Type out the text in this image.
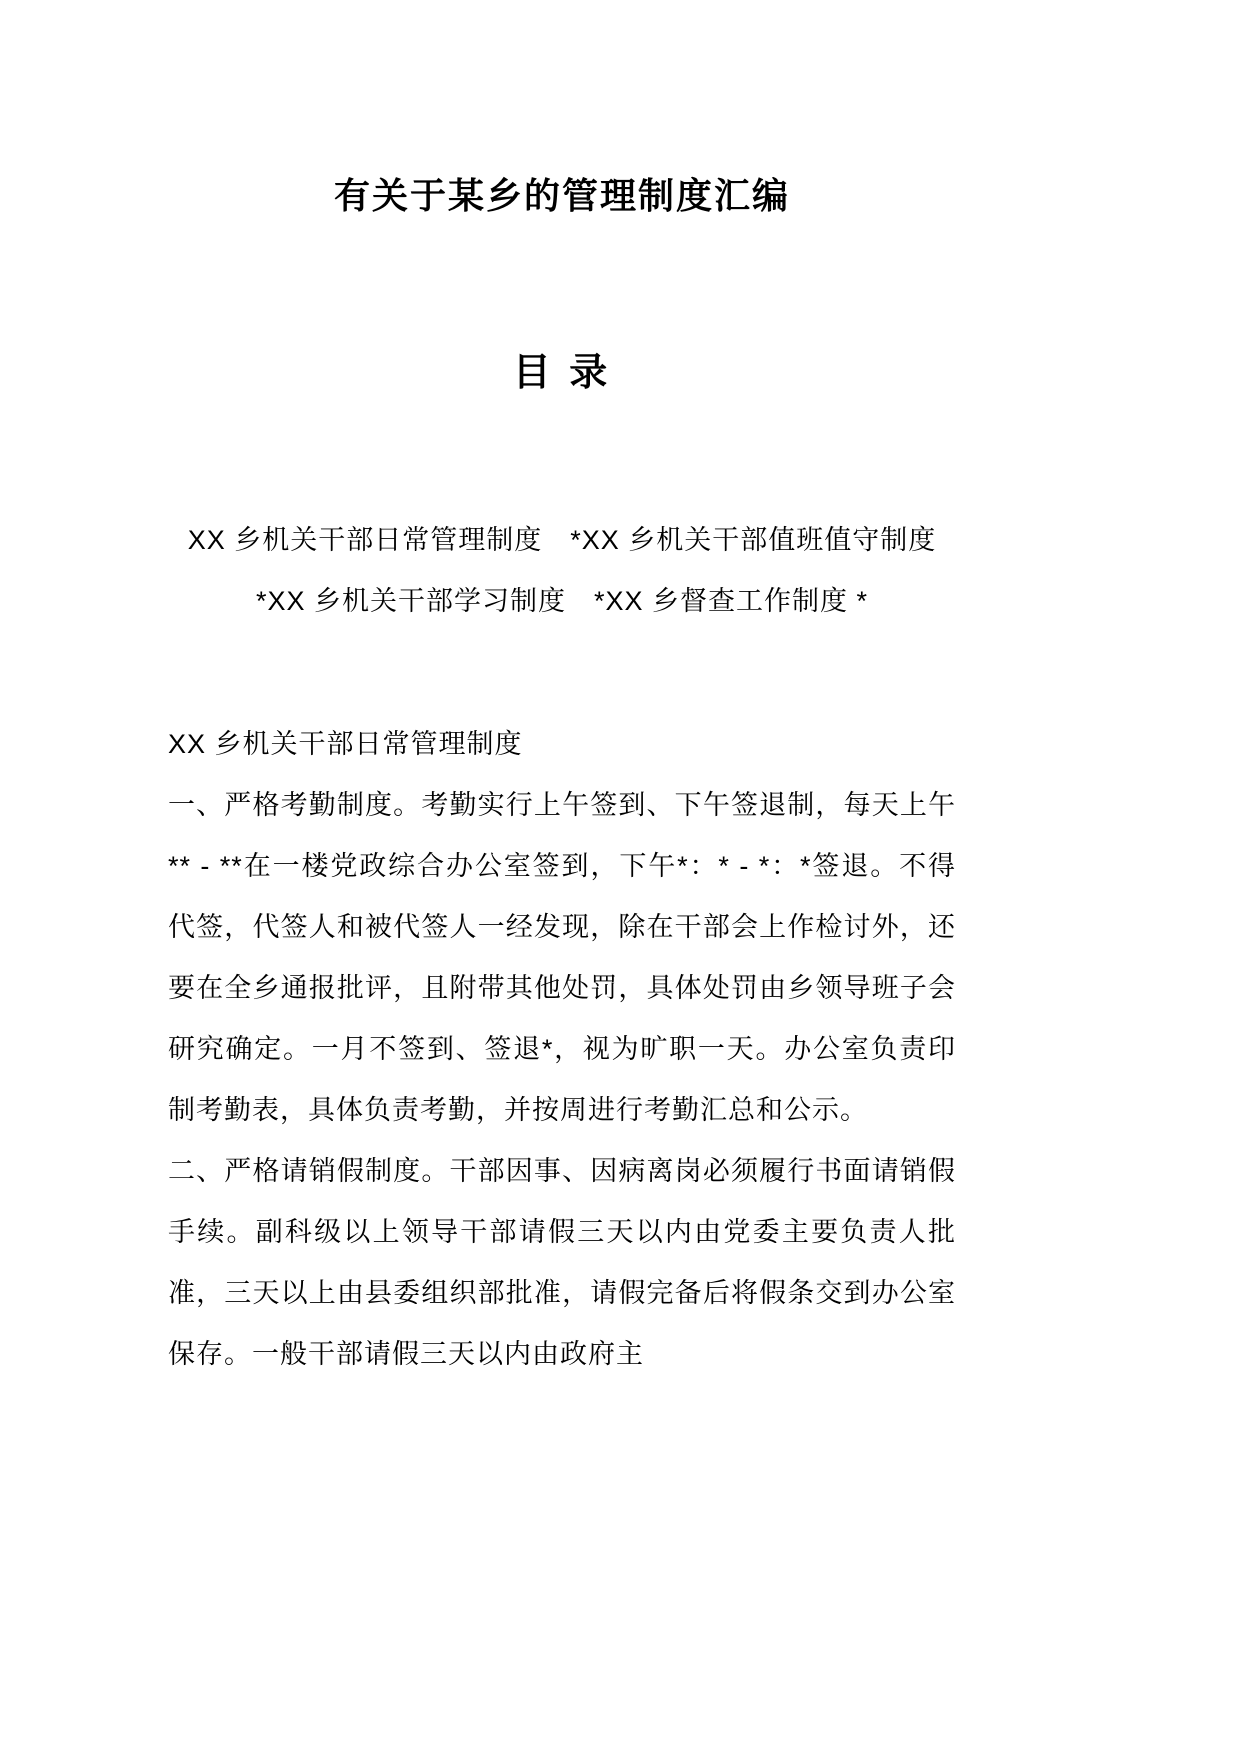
有关于某乡的管理制度汇编
目 录
XX 乡机关干部日常管理制度　*XX 乡机关干部值班值守制度
*XX 乡机关干部学习制度　*XX 乡督查工作制度 *
XX 乡机关干部日常管理制度

一、严格考勤制度。考勤实行上午签到、下午签退制，每天上午** - **在一楼党政综合办公室签到，下午*：* - *：*签退。不得代签，代签人和被代签人一经发现，除在干部会上作检讨外，还要在全乡通报批评，且附带其他处罚，具体处罚由乡领导班子会研究确定。一月不签到、签退*，视为旷职一天。办公室负责印制考勤表，具体负责考勤，并按周进行考勤汇总和公示。

二、严格请销假制度。干部因事、因病离岗必须履行书面请销假手续。副科级以上领导干部请假三天以内由党委主要负责人批准，三天以上由县委组织部批准，请假完备后将假条交到办公室保存。一般干部请假三天以内由政府主
